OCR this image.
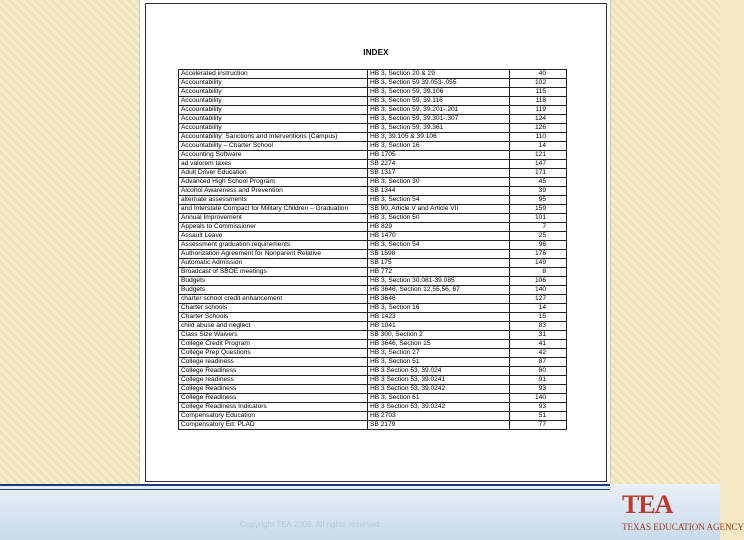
INDEX
Accelerated instruction	HB 3, Section 20 & 29	40
Accountability	HB 3, Section 59 39.053-.055	102
Accountability	HB 3, Section 59, 39.106	115
Accountability	HB 3, Section 59, 39.116	118
Accountability	HB 3, Section 59, 39.201-.201	119
Accountability	HB 3, Section 59, 39.301-.307	124
Accountability	HB 3, Section 59, 39.361	126
Accountability: Sanctions and Interventions (Campus)	HB 3, 39.105 & 39.106	110
Accountability – Charter School	HB 3, Section 16	14
Accounting Software	HB 1705	121
ad valorem taxes	SB 2274	147
Adult Driver Education	SB 1317	171
Advanced High School Program	HB 3, Section 30	45
Alcohol Awareness and Prevention	SB 1344	39
alternate assessments	HB 3, Section 54	95
and Interstate Compact for Military Children – Graduation	SB 90, Article V and Article VII	159
Annual Improvement	HB 3, Section 50	101
Appeals to Commissioner	HB 829	7
Assault Leave	HB 1470	25
Assessment graduation requirements	HB 3, Section 54	96
Authorization Agreement for Nonparent Relative	SB 1598	176
Automatic Admission	SB 175	149
Broadcast of SBOE meetings	HB 772	8
Budgets	HB 3, Section 30.081-39.085	106
Budgets	HB 3646, Section 12,55,56, 67	140
charter school credit enhancement	HB 3646	127
Charter schools	HB 3, Section 16	14
Charter Schools	HB 1423	15
child abuse and neglect	HB 1041	83
Class Size Waivers	SB 300, Section 2	31
College Credit Program	HB 3646, Section 15	41
College Prep Questions	HB 3, Section 27	42
College readiness	HB 3, Section 51	87
College Readiness	HB 3 Section 53, 39.024	80
College readiness	HB 3 Section 53, 39.0241	91
College Readiness	HB 3 Section 53, 39.0242	93
College Readiness	HB 3, Section 61	140
College Readiness Indicators	HB 3 Section 53, 39.0242	93
Compensatory Education	HB 2703	51
Compensatory Ed: PLAD	SB 2179	77
Copyright TEA 2009. All rights reserved.
TEA
TEXAS EDUCATION AGENCY
